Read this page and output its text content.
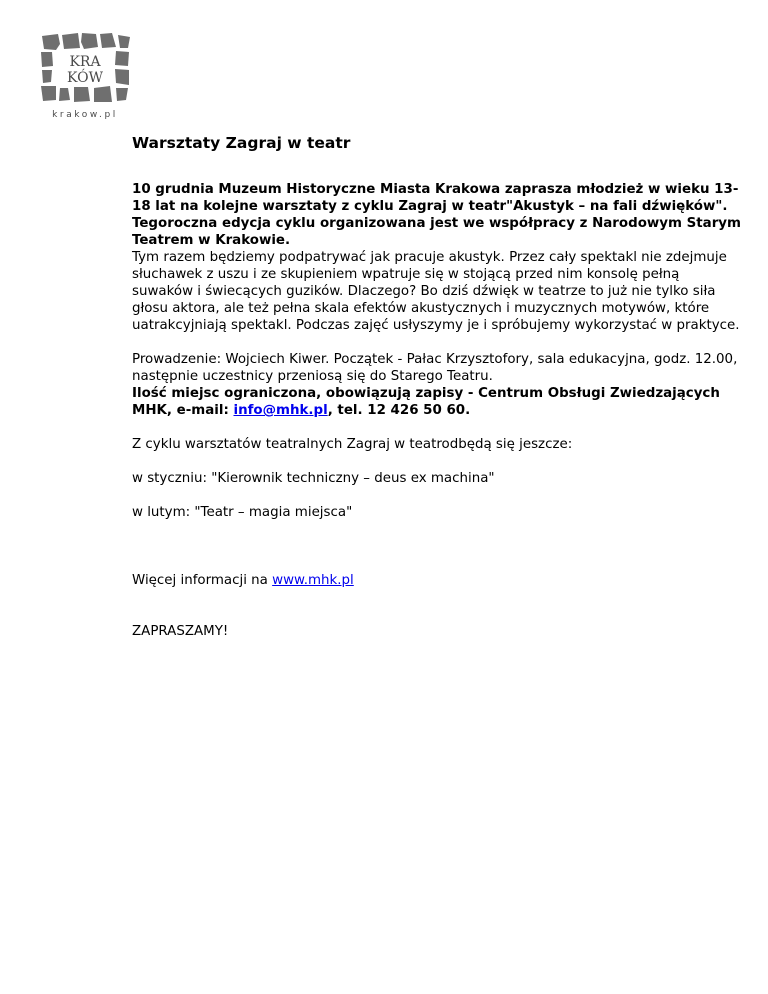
KRA
KÓW
krakow.pl
Warsztaty Zagraj w teatr

10 grudnia Muzeum Historyczne Miasta Krakowa zaprasza młodzież w wieku 13-18 lat na kolejne warsztaty z cyklu Zagraj w teatr"Akustyk – na fali dźwięków". Tegoroczna edycja cyklu organizowana jest we współpracy z Narodowym Starym Teatrem w Krakowie.

Tym razem będziemy podpatrywać jak pracuje akustyk. Przez cały spektakl nie zdejmuje słuchawek z uszu i ze skupieniem wpatruje się w stojącą przed nim konsolę pełną suwaków i świecących guzików. Dlaczego? Bo dziś dźwięk w teatrze to już nie tylko siła głosu aktora, ale też pełna skala efektów akustycznych i muzycznych motywów, które uatrakcyjniają spektakl. Podczas zajęć usłyszymy je i spróbujemy wykorzystać w praktyce.

Prowadzenie: Wojciech Kiwer. Początek - Pałac Krzysztofory, sala edukacyjna, godz. 12.00, następnie uczestnicy przeniosą się do Starego Teatru.

Ilość miejsc ograniczona, obowiązują zapisy - Centrum Obsługi Zwiedzających MHK, e-mail: info@mhk.pl, tel. 12 426 50 60.

Z cyklu warsztatów teatralnych Zagraj w teatrodbędą się jeszcze:

w styczniu: "Kierownik techniczny – deus ex machina"

w lutym: "Teatr – magia miejsca"

Więcej informacji na www.mhk.pl

ZAPRASZAMY!
